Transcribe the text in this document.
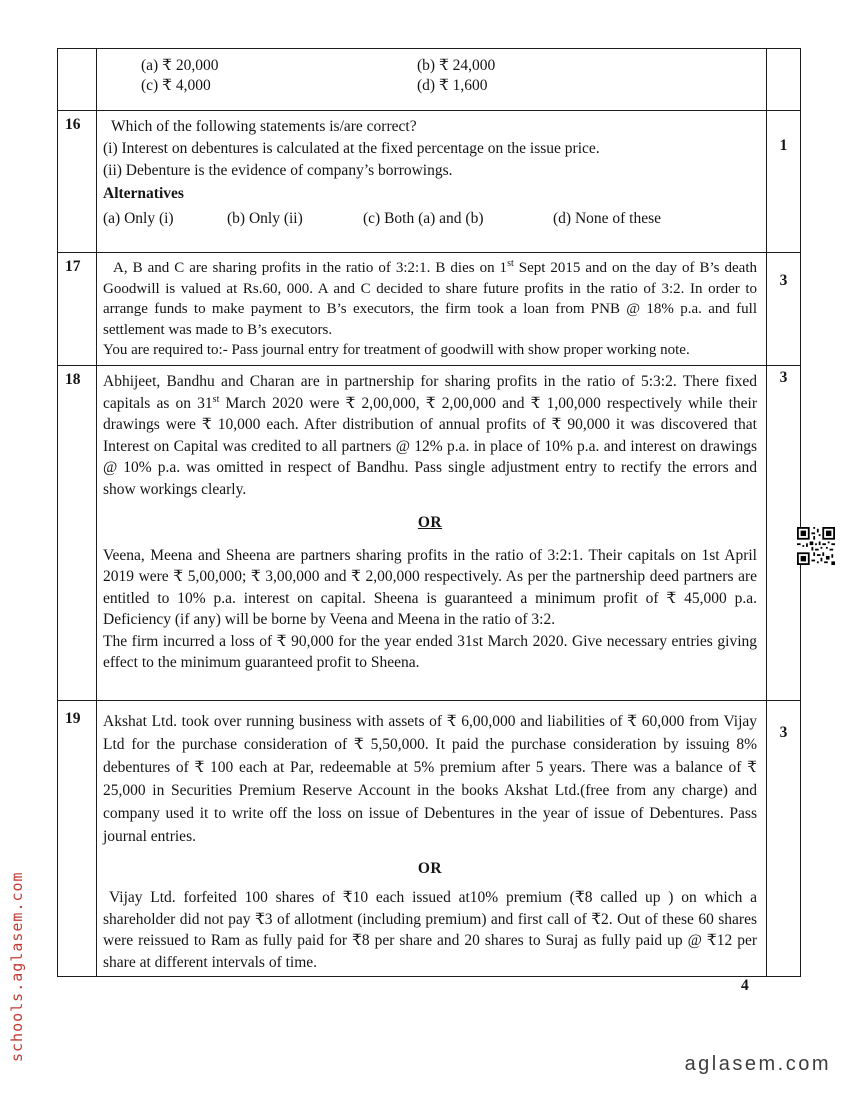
(a) ₹ 20,000	(b) ₹ 24,000
(c) ₹ 4,000	(d) ₹ 1,600
16	Which of the following statements is/are correct?

(i) Interest on debentures is calculated at the fixed percentage on the issue price.

(ii) Debenture is the evidence of company’s borrowings.

Alternatives

(a) Only (i)	(b) Only (ii)	(c) Both (a) and (b)	(d) None of these
1
17	A, B and C are sharing profits in the ratio of 3:2:1. B dies on 1st Sept 2015 and on the day of B’s death Goodwill is valued at Rs.60, 000. A and C decided to share future profits in the ratio of 3:2. In order to arrange funds to make payment to B’s executors, the firm took a loan from PNB @ 18% p.a. and full settlement was made to B’s executors.

You are required to:- Pass journal entry for treatment of goodwill with show proper working note.

3
18	Abhijeet, Bandhu and Charan are in partnership for sharing profits in the ratio of 5:3:2. There fixed capitals as on 31st March 2020 were ₹ 2,00,000, ₹ 2,00,000 and ₹ 1,00,000 respectively while their drawings were ₹ 10,000 each. After distribution of annual profits of ₹ 90,000 it was discovered that Interest on Capital was credited to all partners @ 12% p.a. in place of 10% p.a. and interest on drawings @ 10% p.a. was omitted in respect of Bandhu. Pass single adjustment entry to rectify the errors and show workings clearly.

OR

Veena, Meena and Sheena are partners sharing profits in the ratio of 3:2:1. Their capitals on 1st April 2019 were ₹ 5,00,000; ₹ 3,00,000 and ₹ 2,00,000 respectively. As per the partnership deed partners are entitled to 10% p.a. interest on capital. Sheena is guaranteed a minimum profit of ₹ 45,000 p.a. Deficiency (if any) will be borne by Veena and Meena in the ratio of 3:2.

The firm incurred a loss of ₹ 90,000 for the year ended 31st March 2020. Give necessary entries giving effect to the minimum guaranteed profit to Sheena.

3
19	Akshat Ltd. took over running business with assets of ₹ 6,00,000 and liabilities of ₹ 60,000 from Vijay Ltd for the purchase consideration of ₹ 5,50,000. It paid the purchase consideration by issuing 8% debentures of ₹ 100 each at Par, redeemable at 5% premium after 5 years. There was a balance of ₹ 25,000 in Securities Premium Reserve Account in the books Akshat Ltd.(free from any charge) and company used it to write off the loss on issue of Debentures in the year of issue of Debentures. Pass journal entries.

OR

Vijay Ltd. forfeited 100 shares of ₹10 each issued at10% premium (₹8 called up ) on which a shareholder did not pay ₹3 of allotment (including premium) and first call of ₹2. Out of these 60 shares were reissued to Ram as fully paid for ₹8 per share and 20 shares to Suraj as fully paid up @ ₹12 per share at different intervals of time.

3
4
schools.aglasem.com
aglasem.com
